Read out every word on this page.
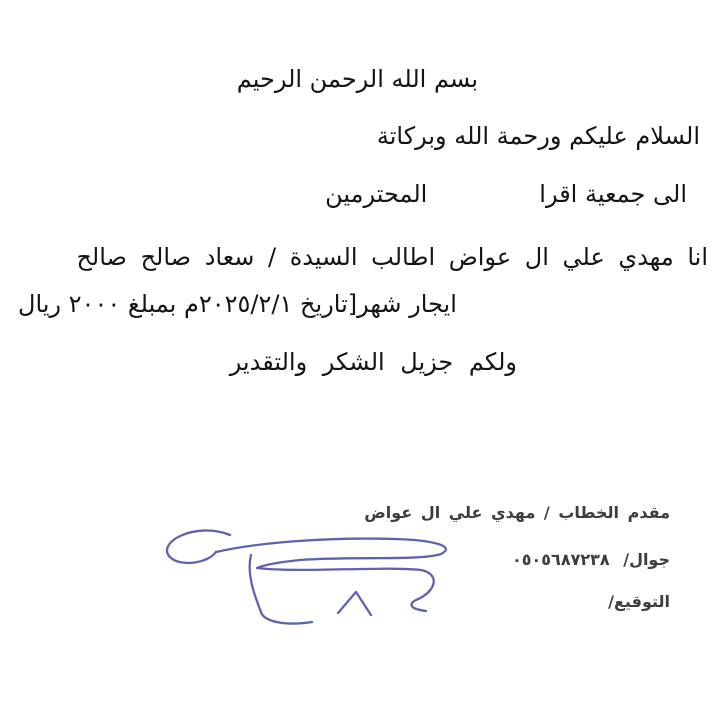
بسم الله الرحمن الرحيم
السلام عليكم ورحمة الله وبركاتة
الى جمعية اقرا
المحترمين
انا مهدي علي ال عواض اطالب السيدة / سعاد صالح صالح
ايجار شهر[تاريخ ٢٠٢٥/٢/١م بمبلغ ٢٠٠٠ ريال
ولكم جزيل الشكر والتقدير
مقدم الخطاب / مهدي علي ال عواض
جوال/ ٠٥٠٥٦٨٧٢٣٨
التوقيع/
